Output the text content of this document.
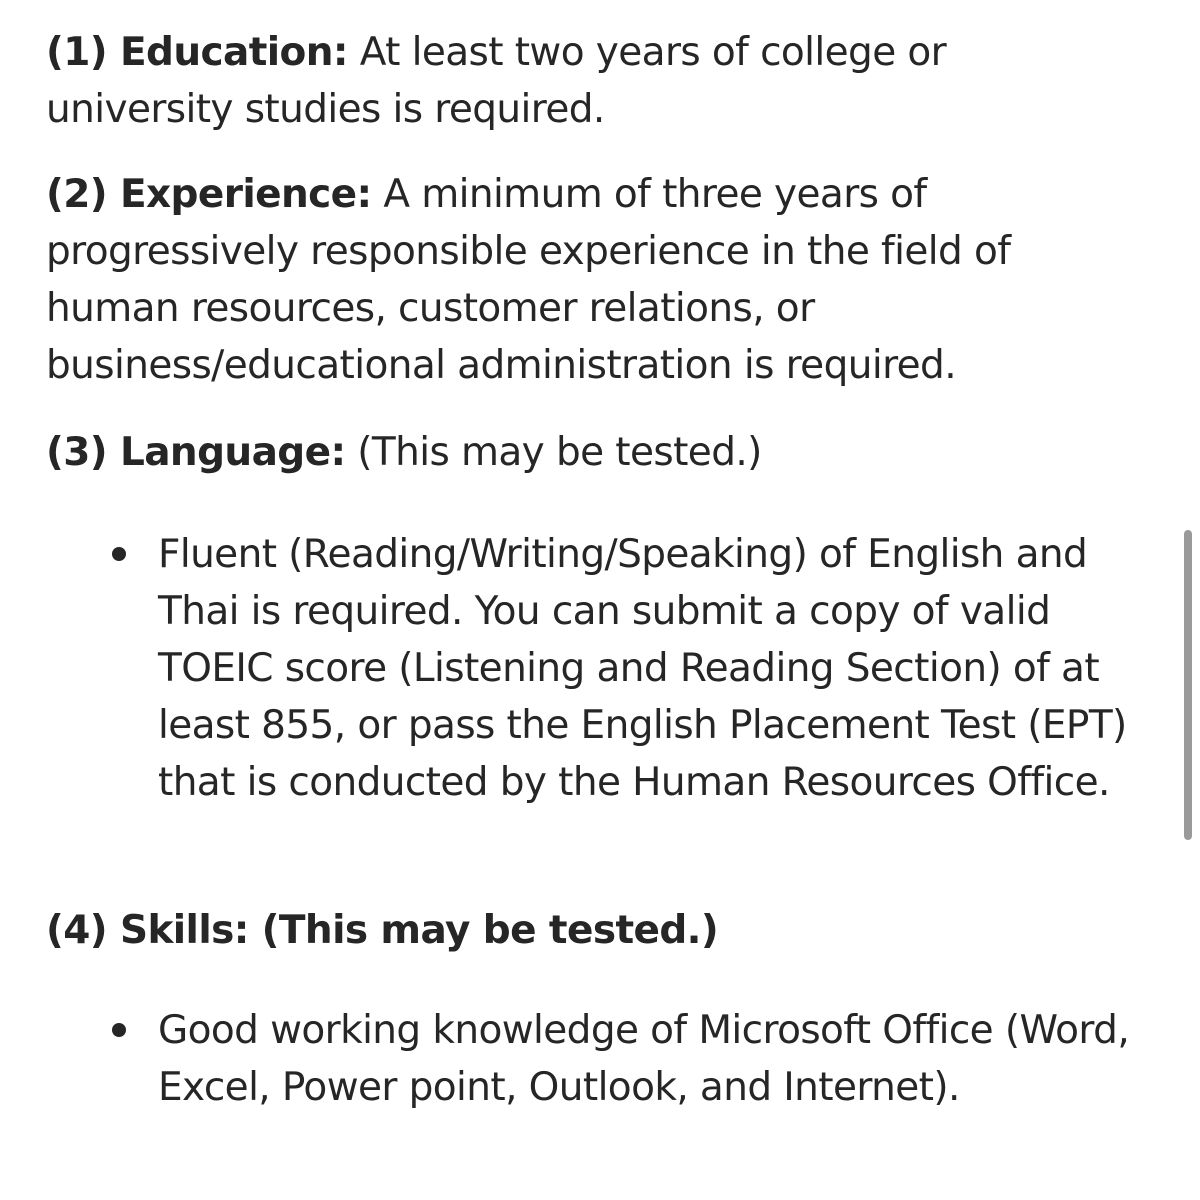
(1) Education: At least two years of college or university studies is required.

(2) Experience: A minimum of three years of progressively responsible experience in the field of human resources, customer relations, or business/educational administration is required.

(3) Language: (This may be tested.)

Fluent (Reading/Writing/Speaking) of English and Thai is required. You can submit a copy of valid TOEIC score (Listening and Reading Section) of at least 855, or pass the English Placement Test (EPT) that is conducted by the Human Resources Office.

(4) Skills: (This may be tested.)

Good working knowledge of Microsoft Office (Word, Excel, Power point, Outlook, and Internet).
